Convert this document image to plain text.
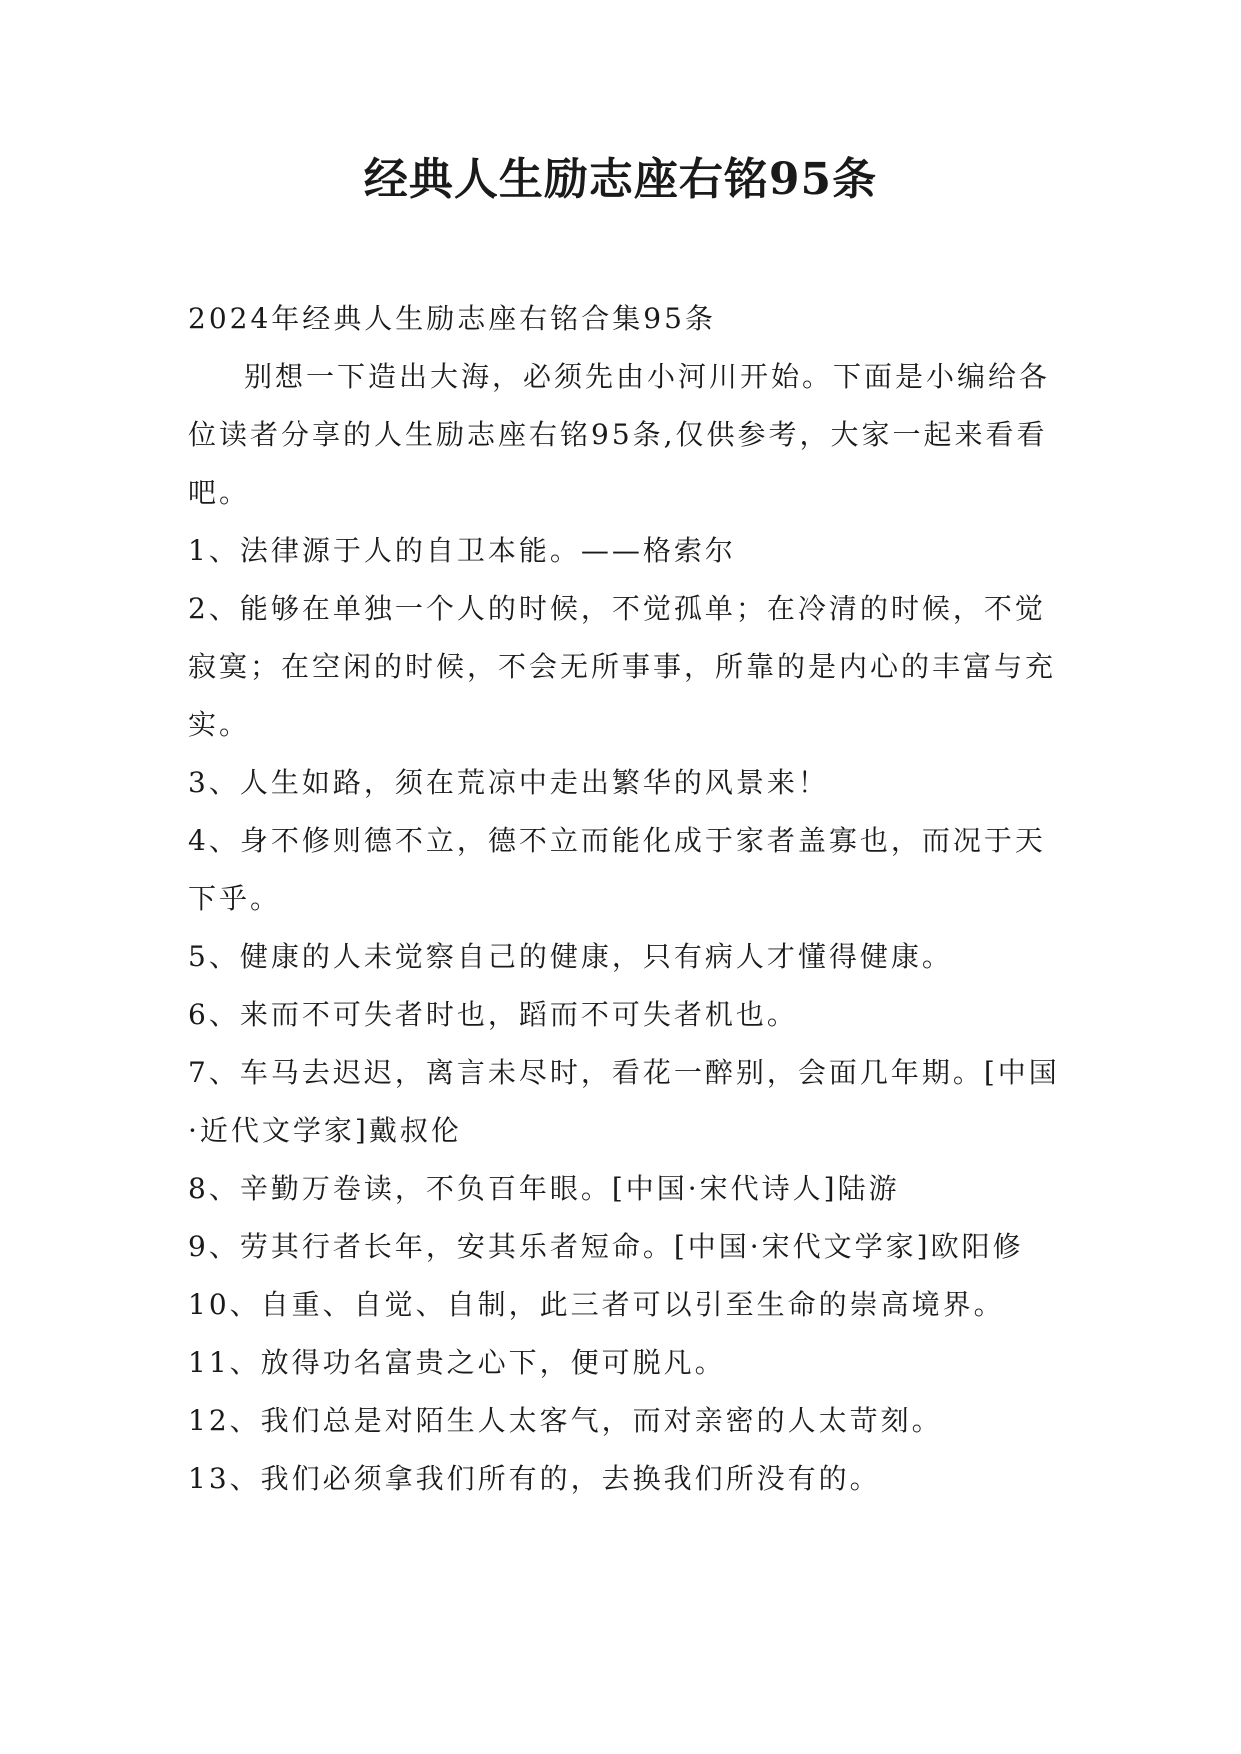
经典人生励志座右铭95条

2024年经典人生励志座右铭合集95条

别想一下造出大海，必须先由小河川开始。下面是小编给各位读者分享的人生励志座右铭95条,仅供参考，大家一起来看看吧。

1、法律源于人的自卫本能。——格索尔

2、能够在单独一个人的时候，不觉孤单；在冷清的时候，不觉寂寞；在空闲的时候，不会无所事事，所靠的是内心的丰富与充实。

3、人生如路，须在荒凉中走出繁华的风景来！

4、身不修则德不立，德不立而能化成于家者盖寡也，而况于天下乎。

5、健康的人未觉察自己的健康，只有病人才懂得健康。

6、来而不可失者时也，蹈而不可失者机也。

7、车马去迟迟，离言未尽时，看花一醉别，会面几年期。[中国·近代文学家]戴叔伦

8、辛勤万卷读，不负百年眼。[中国·宋代诗人]陆游

9、劳其行者长年，安其乐者短命。[中国·宋代文学家]欧阳修

10、自重、自觉、自制，此三者可以引至生命的崇高境界。

11、放得功名富贵之心下，便可脱凡。

12、我们总是对陌生人太客气，而对亲密的人太苛刻。

13、我们必须拿我们所有的，去换我们所没有的。
